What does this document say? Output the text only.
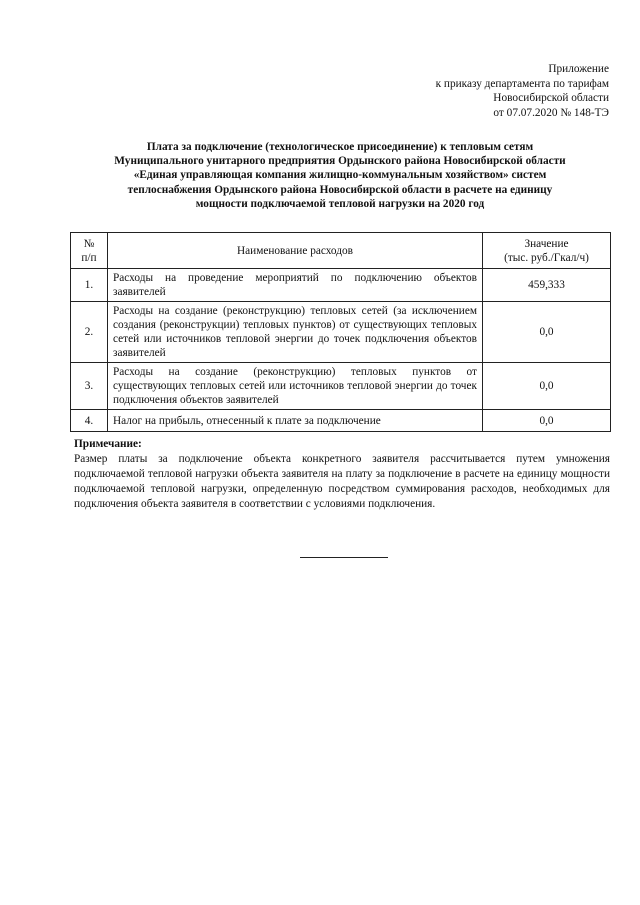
Приложение
к приказу департамента по тарифам
Новосибирской области
от 07.07.2020 № 148-ТЭ
Плата за подключение (технологическое присоединение) к тепловым сетям
Муниципального унитарного предприятия Ордынского района Новосибирской области
«Единая управляющая компания жилищно-коммунальным хозяйством» систем
теплоснабжения Ордынского района Новосибирской области в расчете на единицу
мощности подключаемой тепловой нагрузки на 2020 год
№
п/п	Наименование расходов	Значение
(тыс. руб./Гкал/ч)
1.	Расходы на проведение мероприятий по подключению объектов заявителей	459,333
2.	Расходы на создание (реконструкцию) тепловых сетей (за исключением создания (реконструкции) тепловых пунктов) от существующих тепловых сетей или источников тепловой энергии до точек подключения объектов заявителей	0,0
3.	Расходы на создание (реконструкцию) тепловых пунктов от существующих тепловых сетей или источников тепловой энергии до точек подключения объектов заявителей	0,0
4.	Налог на прибыль, отнесенный к плате за подключение	0,0
Примечание:
Размер платы за подключение объекта конкретного заявителя рассчитывается путем умножения подключаемой тепловой нагрузки объекта заявителя на плату за подключение в расчете на единицу мощности подключаемой тепловой нагрузки, определенную посредством суммирования расходов, необходимых для подключения объекта заявителя в соответствии с условиями подключения.
